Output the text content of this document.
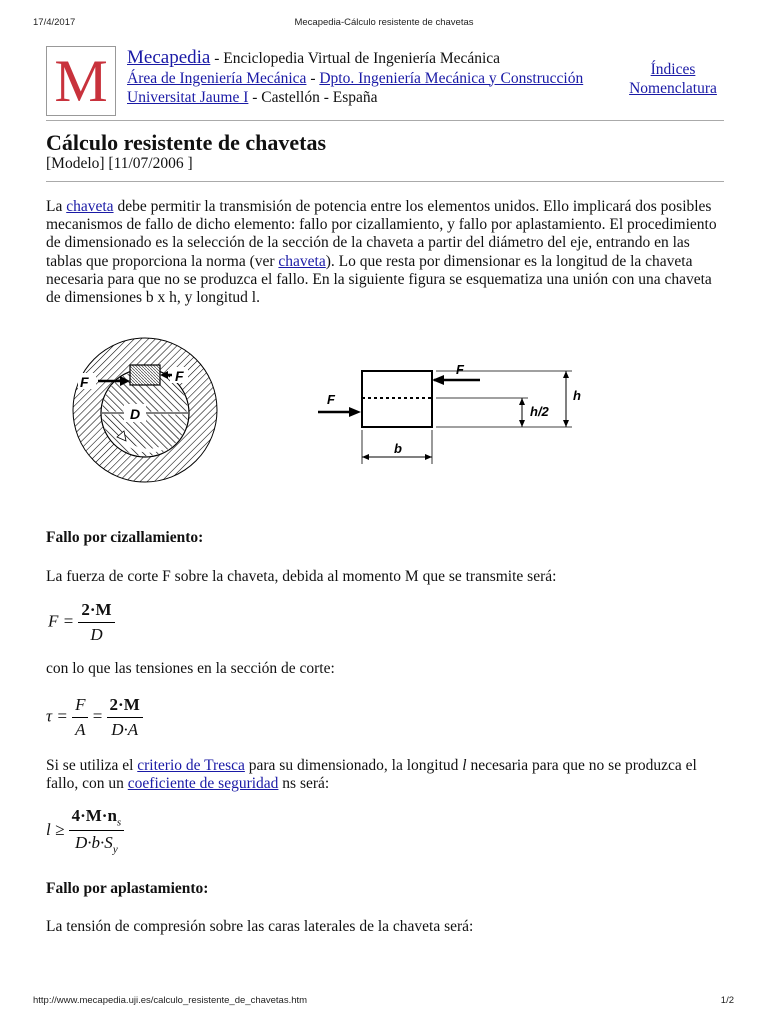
17/4/2017	Mecapedia-Cálculo resistente de chavetas
M Mecapedia - Enciclopedia Virtual de Ingeniería Mecánica
Área de Ingeniería Mecánica - Dpto. Ingeniería Mecánica y Construcción
Universitat Jaume I - Castellón - España
Índices
Nomenclatura
Cálculo resistente de chavetas
[Modelo] [11/07/2006 ]

La chaveta debe permitir la transmisión de potencia entre los elementos unidos. Ello implicará dos posibles mecanismos de fallo de dicho elemento: fallo por cizallamiento, y fallo por aplastamiento. El procedimiento de dimensionado es la selección de la sección de la chaveta a partir del diámetro del eje, entrando en las tablas que proporciona la norma (ver chaveta). Lo que resta por dimensionar es la longitud de la chaveta necesaria para que no se produzca el fallo. En la siguiente figura se esquematiza una unión con una chaveta de dimensiones b x h, y longitud l.

D
F	F	F
F	h
h/2
b
Fallo por cizallamiento:

La fuerza de corte F sobre la chaveta, debida al momento M que se transmite será:

$F = \frac{2\cdot M}{D}$

con lo que las tensiones en la sección de corte:

$\tau = \frac{F}{A} = \frac{2\cdot M}{D\cdot A}$

Si se utiliza el criterio de Tresca para su dimensionado, la longitud l necesaria para que no se produzca el fallo, con un coeficiente de seguridad ns será:

$l \ge \frac{4\cdot M\cdot n_s}{D\cdot b\cdot S_y}$
Fallo por aplastamiento:

La tensión de compresión sobre las caras laterales de la chaveta será:

http://www.mecapedia.uji.es/calculo_resistente_de_chavetas.htm	1/2
